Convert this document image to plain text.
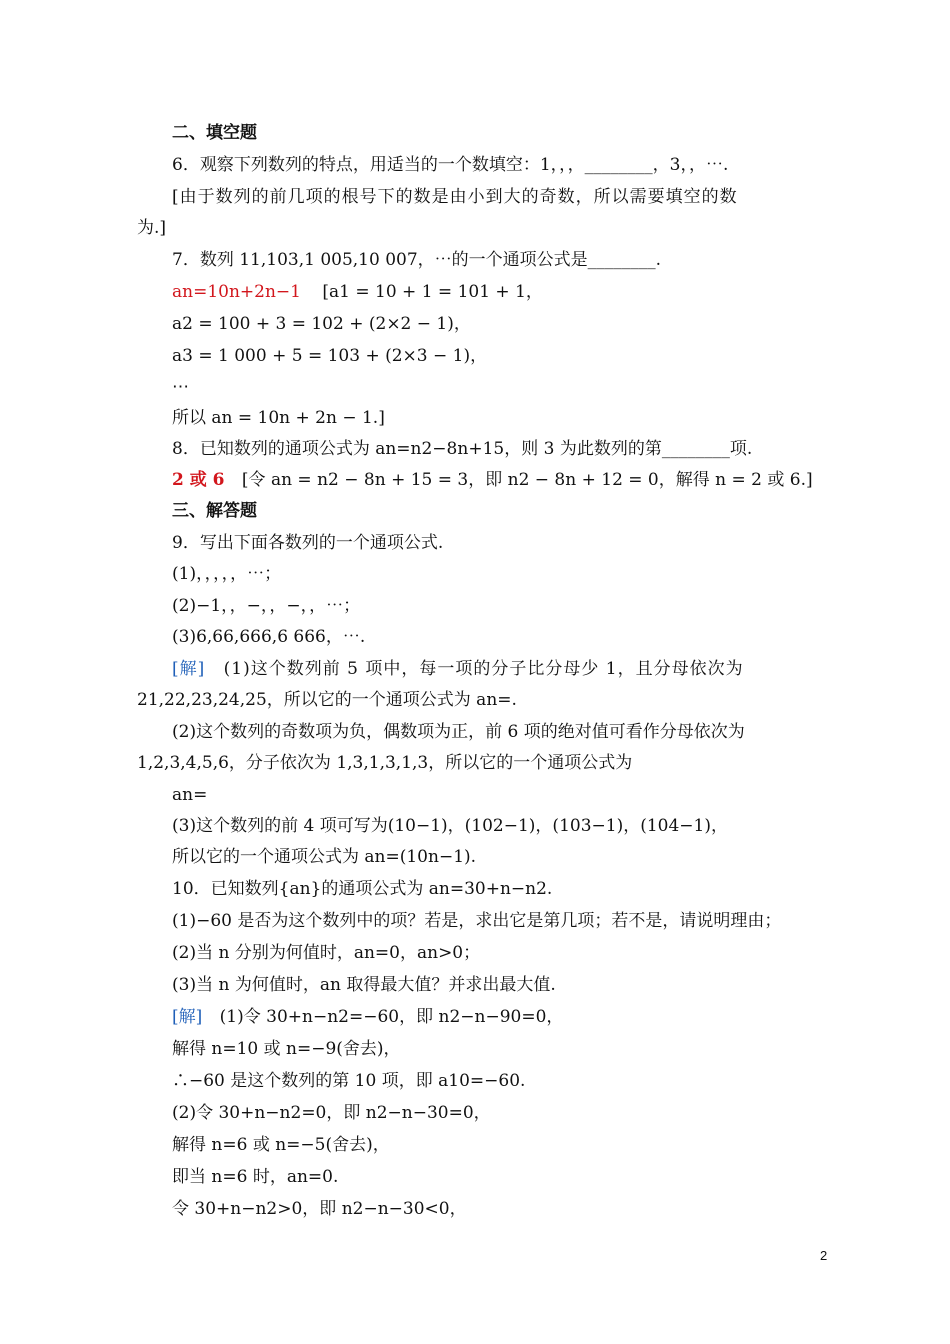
二、填空题
6．观察下列数列的特点，用适当的一个数填空：1，，，________，3，，⋯.
[由于数列的前几项的根号下的数是由小到大的奇数，所以需要填空的数
为.]
7．数列 11,103,1 005,10 007，⋯的一个通项公式是________.
an=10n+2n−1 [a1 = 10 + 1 = 101 + 1，
a2 = 100 + 3 = 102 + (2×2 − 1)，
a3 = 1 000 + 5 = 103 + (2×3 − 1)，
⋯
所以 an = 10n + 2n − 1.]
8．已知数列的通项公式为 an=n2−8n+15，则 3 为此数列的第________项.
2 或 6 [令 an = n2 − 8n + 15 = 3，即 n2 − 8n + 12 = 0，解得 n = 2 或 6.]
三、解答题
9．写出下面各数列的一个通项公式.
(1)，，，，，⋯；
(2)−1，，−，，−，，⋯；
(3)6,66,666,6 666，⋯.
[解] (1)这个数列前 5 项中，每一项的分子比分母少 1，且分母依次为
21,22,23,24,25，所以它的一个通项公式为 an=.
(2)这个数列的奇数项为负，偶数项为正，前 6 项的绝对值可看作分母依次为
1,2,3,4,5,6，分子依次为 1,3,1,3,1,3，所以它的一个通项公式为
an=
(3)这个数列的前 4 项可写为(10−1)，(102−1)，(103−1)，(104−1)，
所以它的一个通项公式为 an=(10n−1).
10．已知数列{an}的通项公式为 an=30+n−n2.
(1)−60 是否为这个数列中的项？若是，求出它是第几项；若不是，请说明理由；
(2)当 n 分别为何值时，an=0，an>0；
(3)当 n 为何值时，an 取得最大值？并求出最大值.
[解] (1)令 30+n−n2=−60，即 n2−n−90=0，
解得 n=10 或 n=−9(舍去)，
∴−60 是这个数列的第 10 项，即 a10=−60.
(2)令 30+n−n2=0，即 n2−n−30=0，
解得 n=6 或 n=−5(舍去)，
即当 n=6 时，an=0.
令 30+n−n2>0，即 n2−n−30<0，
2
